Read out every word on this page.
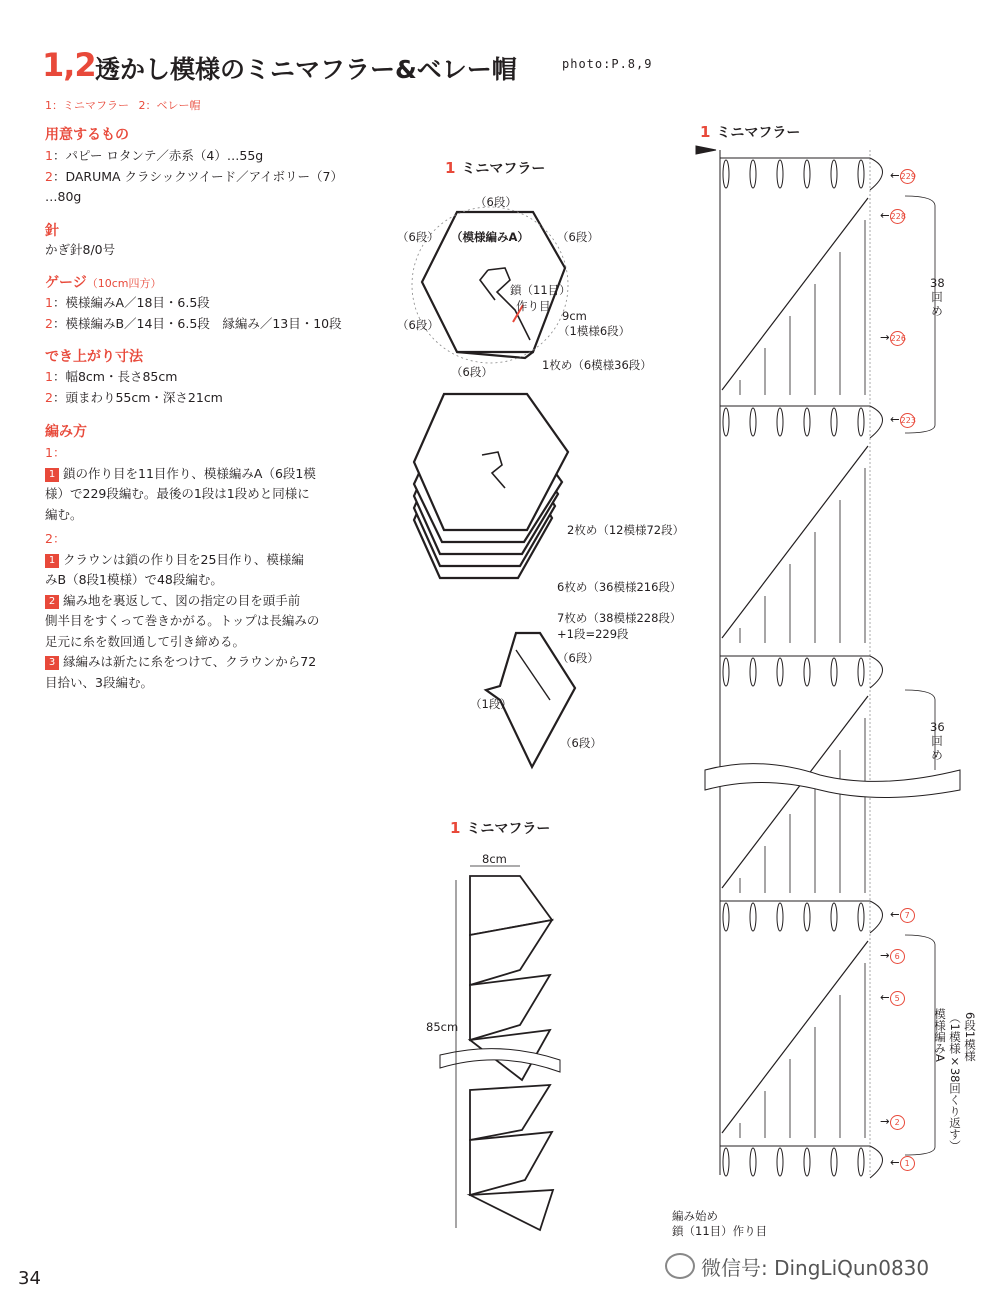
1,2 透かし模様のミニマフラー&ベレー帽	photo:P.8,9
1：ミニマフラー 2：ベレー帽
用意するもの
1：パピー ロタンテ／赤系（4）…55g
2：DARUMA クラシックツイード／アイボリー（7）
…80g
針
かぎ針8/0号
ゲージ（10cm四方）
1：模様編みA／18目・6.5段
2：模様編みB／14目・6.5段　縁編み／13目・10段
でき上がり寸法
1：幅8cm・長さ85cm
2：頭まわり55cm・深さ21cm
編み方
1：
1 鎖の作り目を11目作り、模様編みA（6段1模
様）で229段編む。最後の1段は1段めと同様に
編む。
2：
1 クラウンは鎖の作り目を25目作り、模様編
みB（8段1模様）で48段編む。
2 編み地を裏返して、図の指定の目を頭手前
側半目をすくって巻きかがる。トップは長編みの
足元に糸を数回通して引き締める。
3 縁編みは新たに糸をつけて、クラウンから72
目拾い、3段編む。
1 ミニマフラー
（6段）
（6段）	（6段）
（模様編みA）
鎖（11目）
作り目
9cm
（1模様6段）
（6段）
（6段）	1枚め（6模様36段）
2枚め（12模様72段）
6枚め（36模様216段）
7枚め（38模様228段）
+1段=229段
（6段）
（1段）
（6段）
1 ミニマフラー
8cm
85cm
1 ミニマフラー
←229
←228
→226
←223
38
回
め
36
回
め
← 7
→ 6
← 5
→ 2
← 1
6段1模様
（1模様×38回くり返す）
模様編みA
編み始め
鎖（11目）作り目
34	微信号: DingLiQun0830
